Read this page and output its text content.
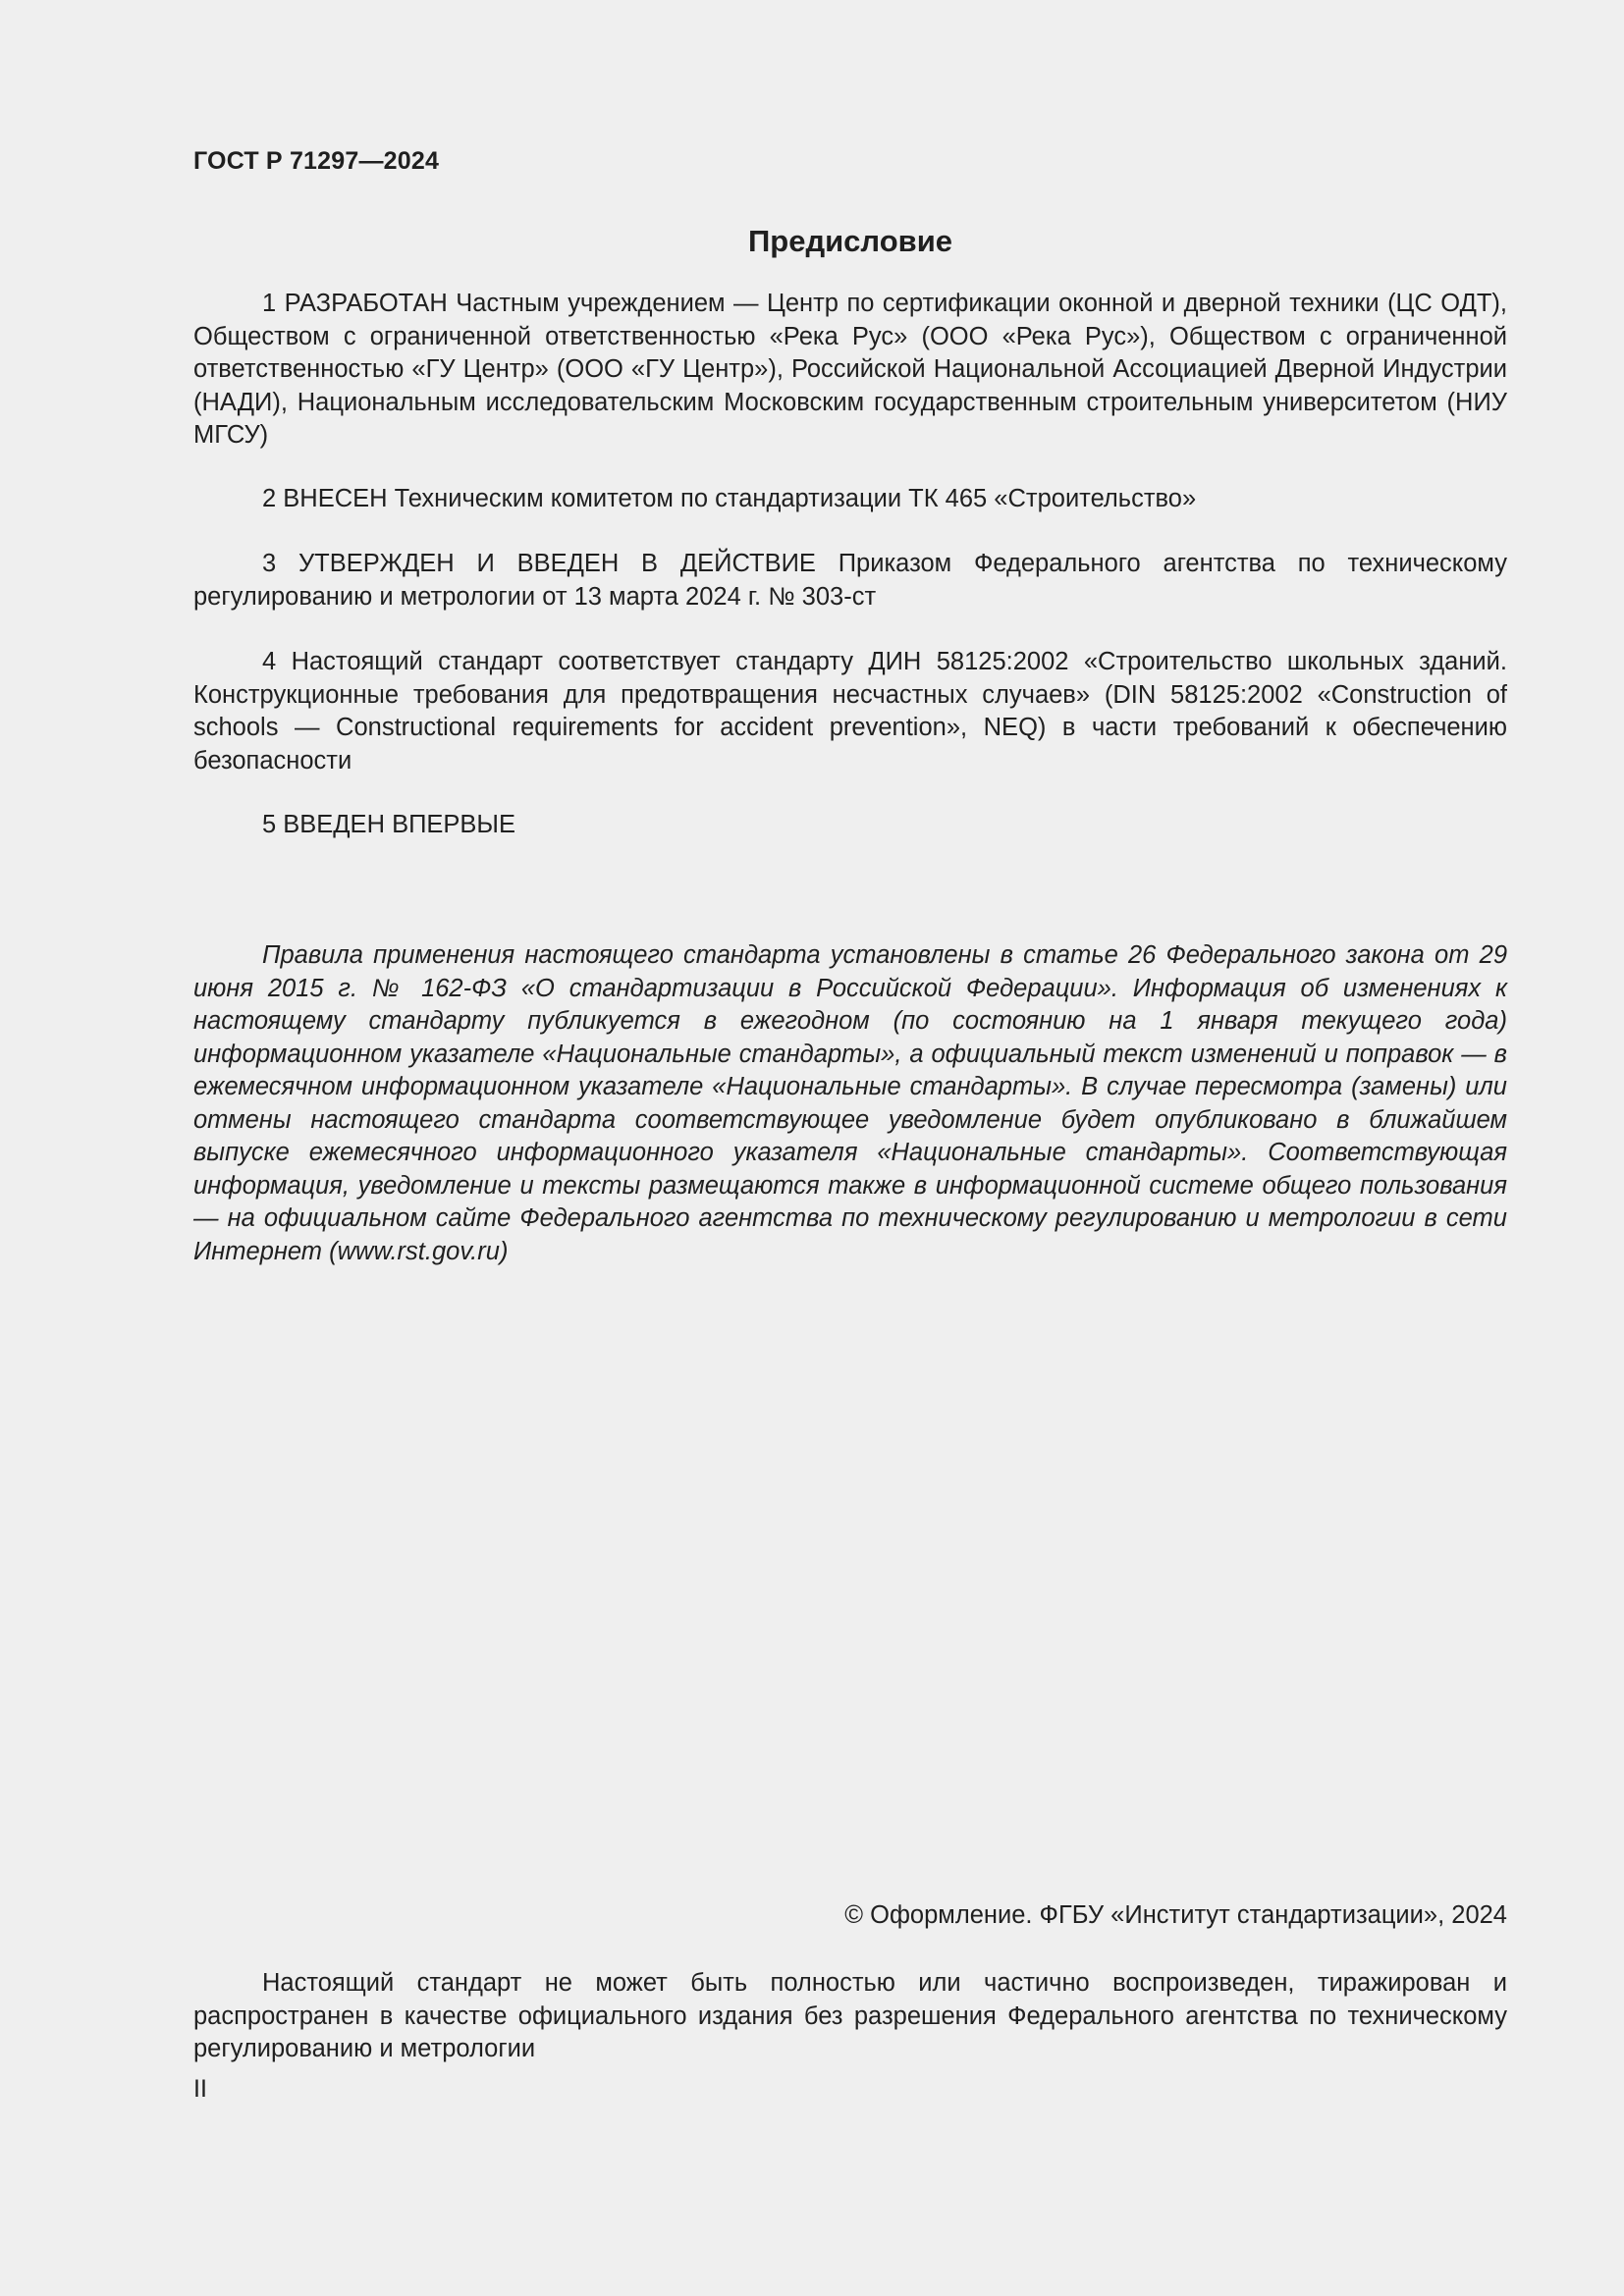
ГОСТ Р 71297—2024
Предисловие

1 РАЗРАБОТАН Частным учреждением — Центр по сертификации оконной и дверной техники (ЦС ОДТ), Обществом с ограниченной ответственностью «Река Рус» (ООО «Река Рус»), Обществом с ограниченной ответственностью «ГУ Центр» (ООО «ГУ Центр»), Российской Национальной Ассоциацией Дверной Индустрии (НАДИ), Национальным исследовательским Московским государственным строительным университетом (НИУ МГСУ)

2 ВНЕСЕН Техническим комитетом по стандартизации ТК 465 «Строительство»

3 УТВЕРЖДЕН И ВВЕДЕН В ДЕЙСТВИЕ Приказом Федерального агентства по техническому регулированию и метрологии от 13 марта 2024 г. № 303-ст

4 Настоящий стандарт соответствует стандарту ДИН 58125:2002 «Строительство школьных зданий. Конструкционные требования для предотвращения несчастных случаев» (DIN 58125:2002 «Construction of schools — Constructional requirements for accident prevention», NEQ) в части требований к обеспечению безопасности

5 ВВЕДЕН ВПЕРВЫЕ

Правила применения настоящего стандарта установлены в статье 26 Федерального закона от 29 июня 2015 г. № 162-ФЗ «О стандартизации в Российской Федерации». Информация об изменениях к настоящему стандарту публикуется в ежегодном (по состоянию на 1 января текущего года) информационном указателе «Национальные стандарты», а официальный текст изменений и поправок — в ежемесячном информационном указателе «Национальные стандарты». В случае пересмотра (замены) или отмены настоящего стандарта соответствующее уведомление будет опубликовано в ближайшем выпуске ежемесячного информационного указателя «Национальные стандарты». Соответствующая информация, уведомление и тексты размещаются также в информационной системе общего пользования — на официальном сайте Федерального агентства по техническому регулированию и метрологии в сети Интернет (www.rst.gov.ru)

© Оформление. ФГБУ «Институт стандартизации», 2024

Настоящий стандарт не может быть полностью или частично воспроизведен, тиражирован и распространен в качестве официального издания без разрешения Федерального агентства по техническому регулированию и метрологии

II
